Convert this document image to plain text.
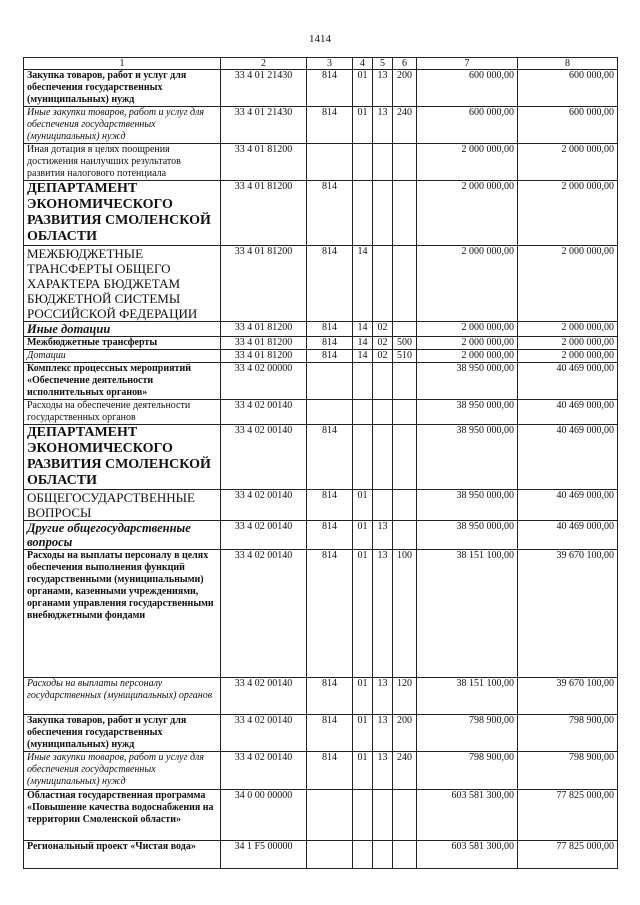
1414
1	2	3	4	5	6	7	8
Закупка товаров, работ и услуг для обеспечения государственных (муниципальных) нужд	33 4 01 21430	814	01	13	200	600 000,00	600 000,00
Иные закупки товаров, работ и услуг для обеспечения государственных (муниципальных) нужд	33 4 01 21430	814	01	13	240	600 000,00	600 000,00
Иная дотация в целях поощрения достижения наилучших результатов развития налогового потенциала	33 4 01 81200					2 000 000,00	2 000 000,00
ДЕПАРТАМЕНТ ЭКОНОМИЧЕСКОГО РАЗВИТИЯ СМОЛЕНСКОЙ ОБЛАСТИ	33 4 01 81200	814				2 000 000,00	2 000 000,00
МЕЖБЮДЖЕТНЫЕ ТРАНСФЕРТЫ ОБЩЕГО ХАРАКТЕРА БЮДЖЕТАМ БЮДЖЕТНОЙ СИСТЕМЫ РОССИЙСКОЙ ФЕДЕРАЦИИ	33 4 01 81200	814	14			2 000 000,00	2 000 000,00
Иные дотации	33 4 01 81200	814	14	02		2 000 000,00	2 000 000,00
Межбюджетные трансферты	33 4 01 81200	814	14	02	500	2 000 000,00	2 000 000,00
Дотации	33 4 01 81200	814	14	02	510	2 000 000,00	2 000 000,00
Комплекс процессных мероприятий «Обеспечение деятельности исполнительных органов»	33 4 02 00000					38 950 000,00	40 469 000,00
Расходы на обеспечение деятельности государственных органов	33 4 02 00140					38 950 000,00	40 469 000,00
ДЕПАРТАМЕНТ ЭКОНОМИЧЕСКОГО РАЗВИТИЯ СМОЛЕНСКОЙ ОБЛАСТИ	33 4 02 00140	814				38 950 000,00	40 469 000,00
ОБЩЕГОСУДАРСТВЕННЫЕ ВОПРОСЫ	33 4 02 00140	814	01			38 950 000,00	40 469 000,00
Другие общегосударственные вопросы	33 4 02 00140	814	01	13		38 950 000,00	40 469 000,00
Расходы на выплаты персоналу в целях обеспечения выполнения функций государственными (муниципальными) органами, казенными учреждениями, органами управления государственными внебюджетными фондами	33 4 02 00140	814	01	13	100	38 151 100,00	39 670 100,00
Расходы на выплаты персоналу государственных (муниципальных) органов	33 4 02 00140	814	01	13	120	38 151 100,00	39 670 100,00
Закупка товаров, работ и услуг для обеспечения государственных (муниципальных) нужд	33 4 02 00140	814	01	13	200	798 900,00	798 900,00
Иные закупки товаров, работ и услуг для обеспечения государственных (муниципальных) нужд	33 4 02 00140	814	01	13	240	798 900,00	798 900,00
Областная государственная программа «Повышение качества водоснабжения на территории Смоленской области»	34 0 00 00000					603 581 300,00	77 825 000,00
Региональный проект «Чистая вода»	34 1 F5 00000					603 581 300,00	77 825 000,00
